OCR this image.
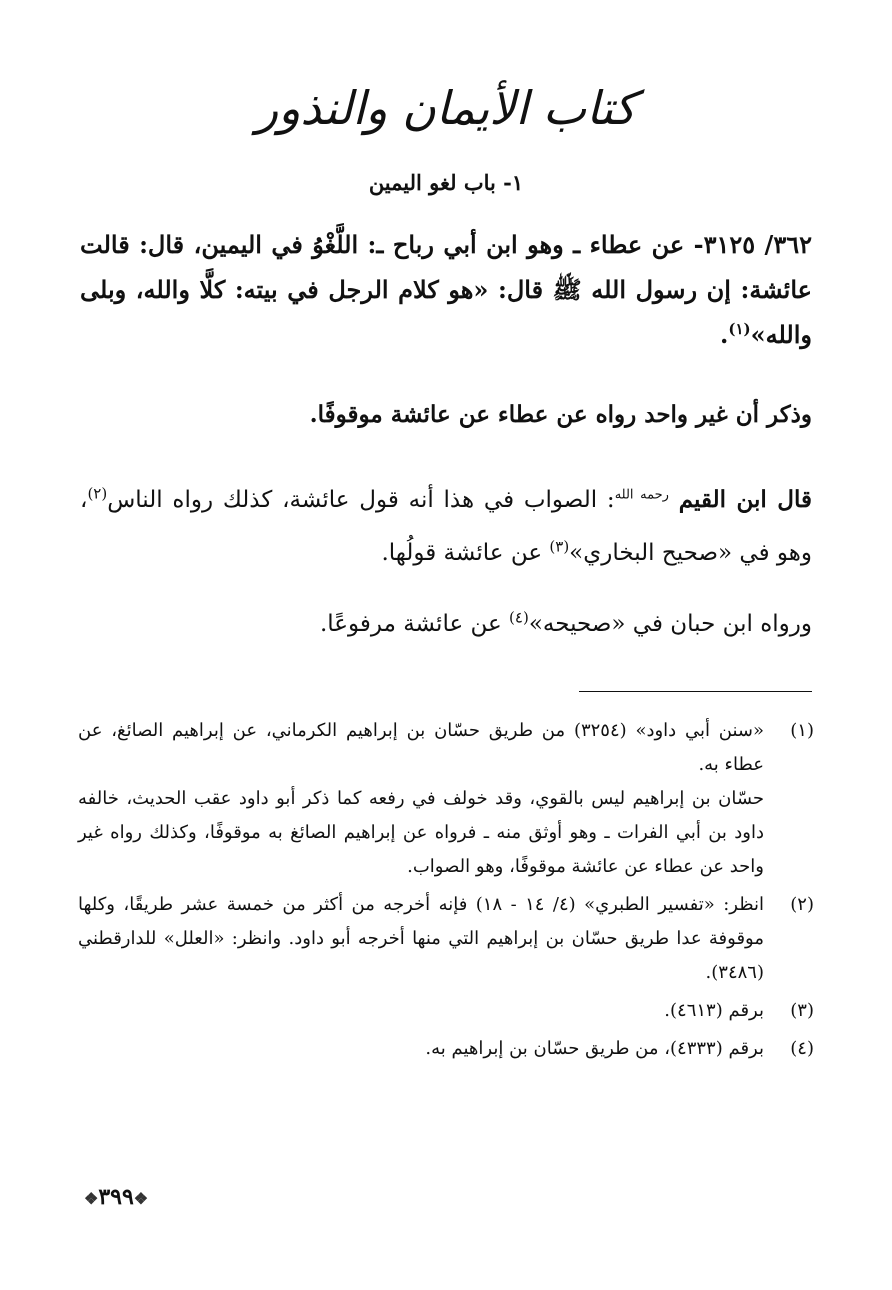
كتاب الأيمان والنذور
١- باب لغو اليمين

٣٦٢/ ٣١٢٥- عن عطاء ـ وهو ابن أبي رباح ـ: اللَّغْوُ في اليمين، قال: قالت عائشة: إن رسول الله ﷺ قال: «هو كلام الرجل في بيته: كلَّا والله، وبلى والله»$^{(١)}$.

وذكر أن غير واحد رواه عن عطاء عن عائشة موقوفًا.

قال ابن القيم $^{رحمه الله}$: الصواب في هذا أنه قول عائشة، كذلك رواه الناس$^{(٢)}$، وهو في «صحيح البخاري»$^{(٣)}$ عن عائشة قولُها.

ورواه ابن حبان في «صحيحه»$^{(٤)}$ عن عائشة مرفوعًا.

(١)
«سنن أبي داود» (٣٢٥٤) من طريق حسّان بن إبراهيم الكرماني، عن إبراهيم الصائغ، عن عطاء به.
حسّان بن إبراهيم ليس بالقوي، وقد خولف في رفعه كما ذكر أبو داود عقب الحديث، خالفه داود بن أبي الفرات ـ وهو أوثق منه ـ فرواه عن إبراهيم الصائغ به موقوفًا، وكذلك رواه غير واحد عن عطاء عن عائشة موقوفًا، وهو الصواب.
(٢)
انظر: «تفسير الطبري» (٤/ ١٤ - ١٨) فإنه أخرجه من أكثر من خمسة عشر طريقًا، وكلها موقوفة عدا طريق حسّان بن إبراهيم التي منها أخرجه أبو داود. وانظر: «العلل» للدارقطني (٣٤٨٦).
(٣)
برقم (٤٦١٣).
(٤)
برقم (٤٣٣٣)، من طريق حسّان بن إبراهيم به.
❖٣٩٩❖
